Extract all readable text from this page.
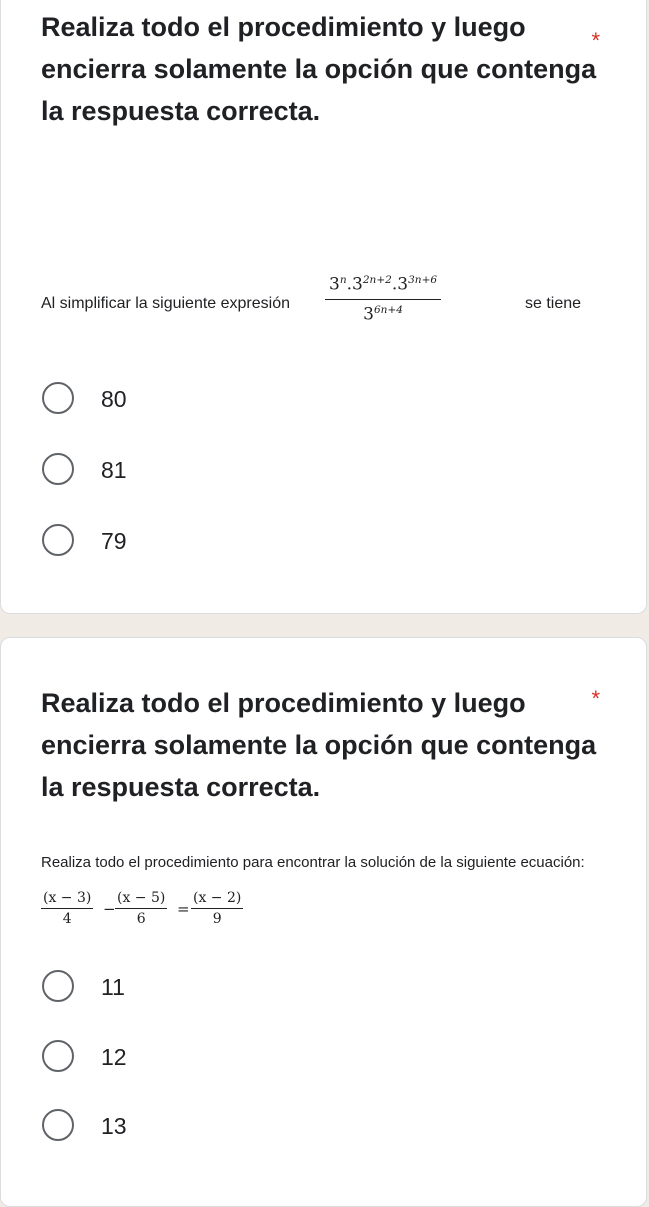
Realiza todo el procedimiento y luego encierra solamente la opción que contenga la respuesta correcta.
*
Al simplificar la siguiente expresión $\frac{3^n.3^{2n+2}.3^{3n+6}}{3^{6n+4}}$	se tiene
80
81
79
Realiza todo el procedimiento y luego encierra solamente la opción que contenga la respuesta correcta.
*
Realiza todo el procedimiento para encontrar la solución de la siguiente ecuación:
$\frac{(x - 3)}{4} - \frac{(x - 5)}{6} = \frac{(x - 2)}{9}$
11
12
13
